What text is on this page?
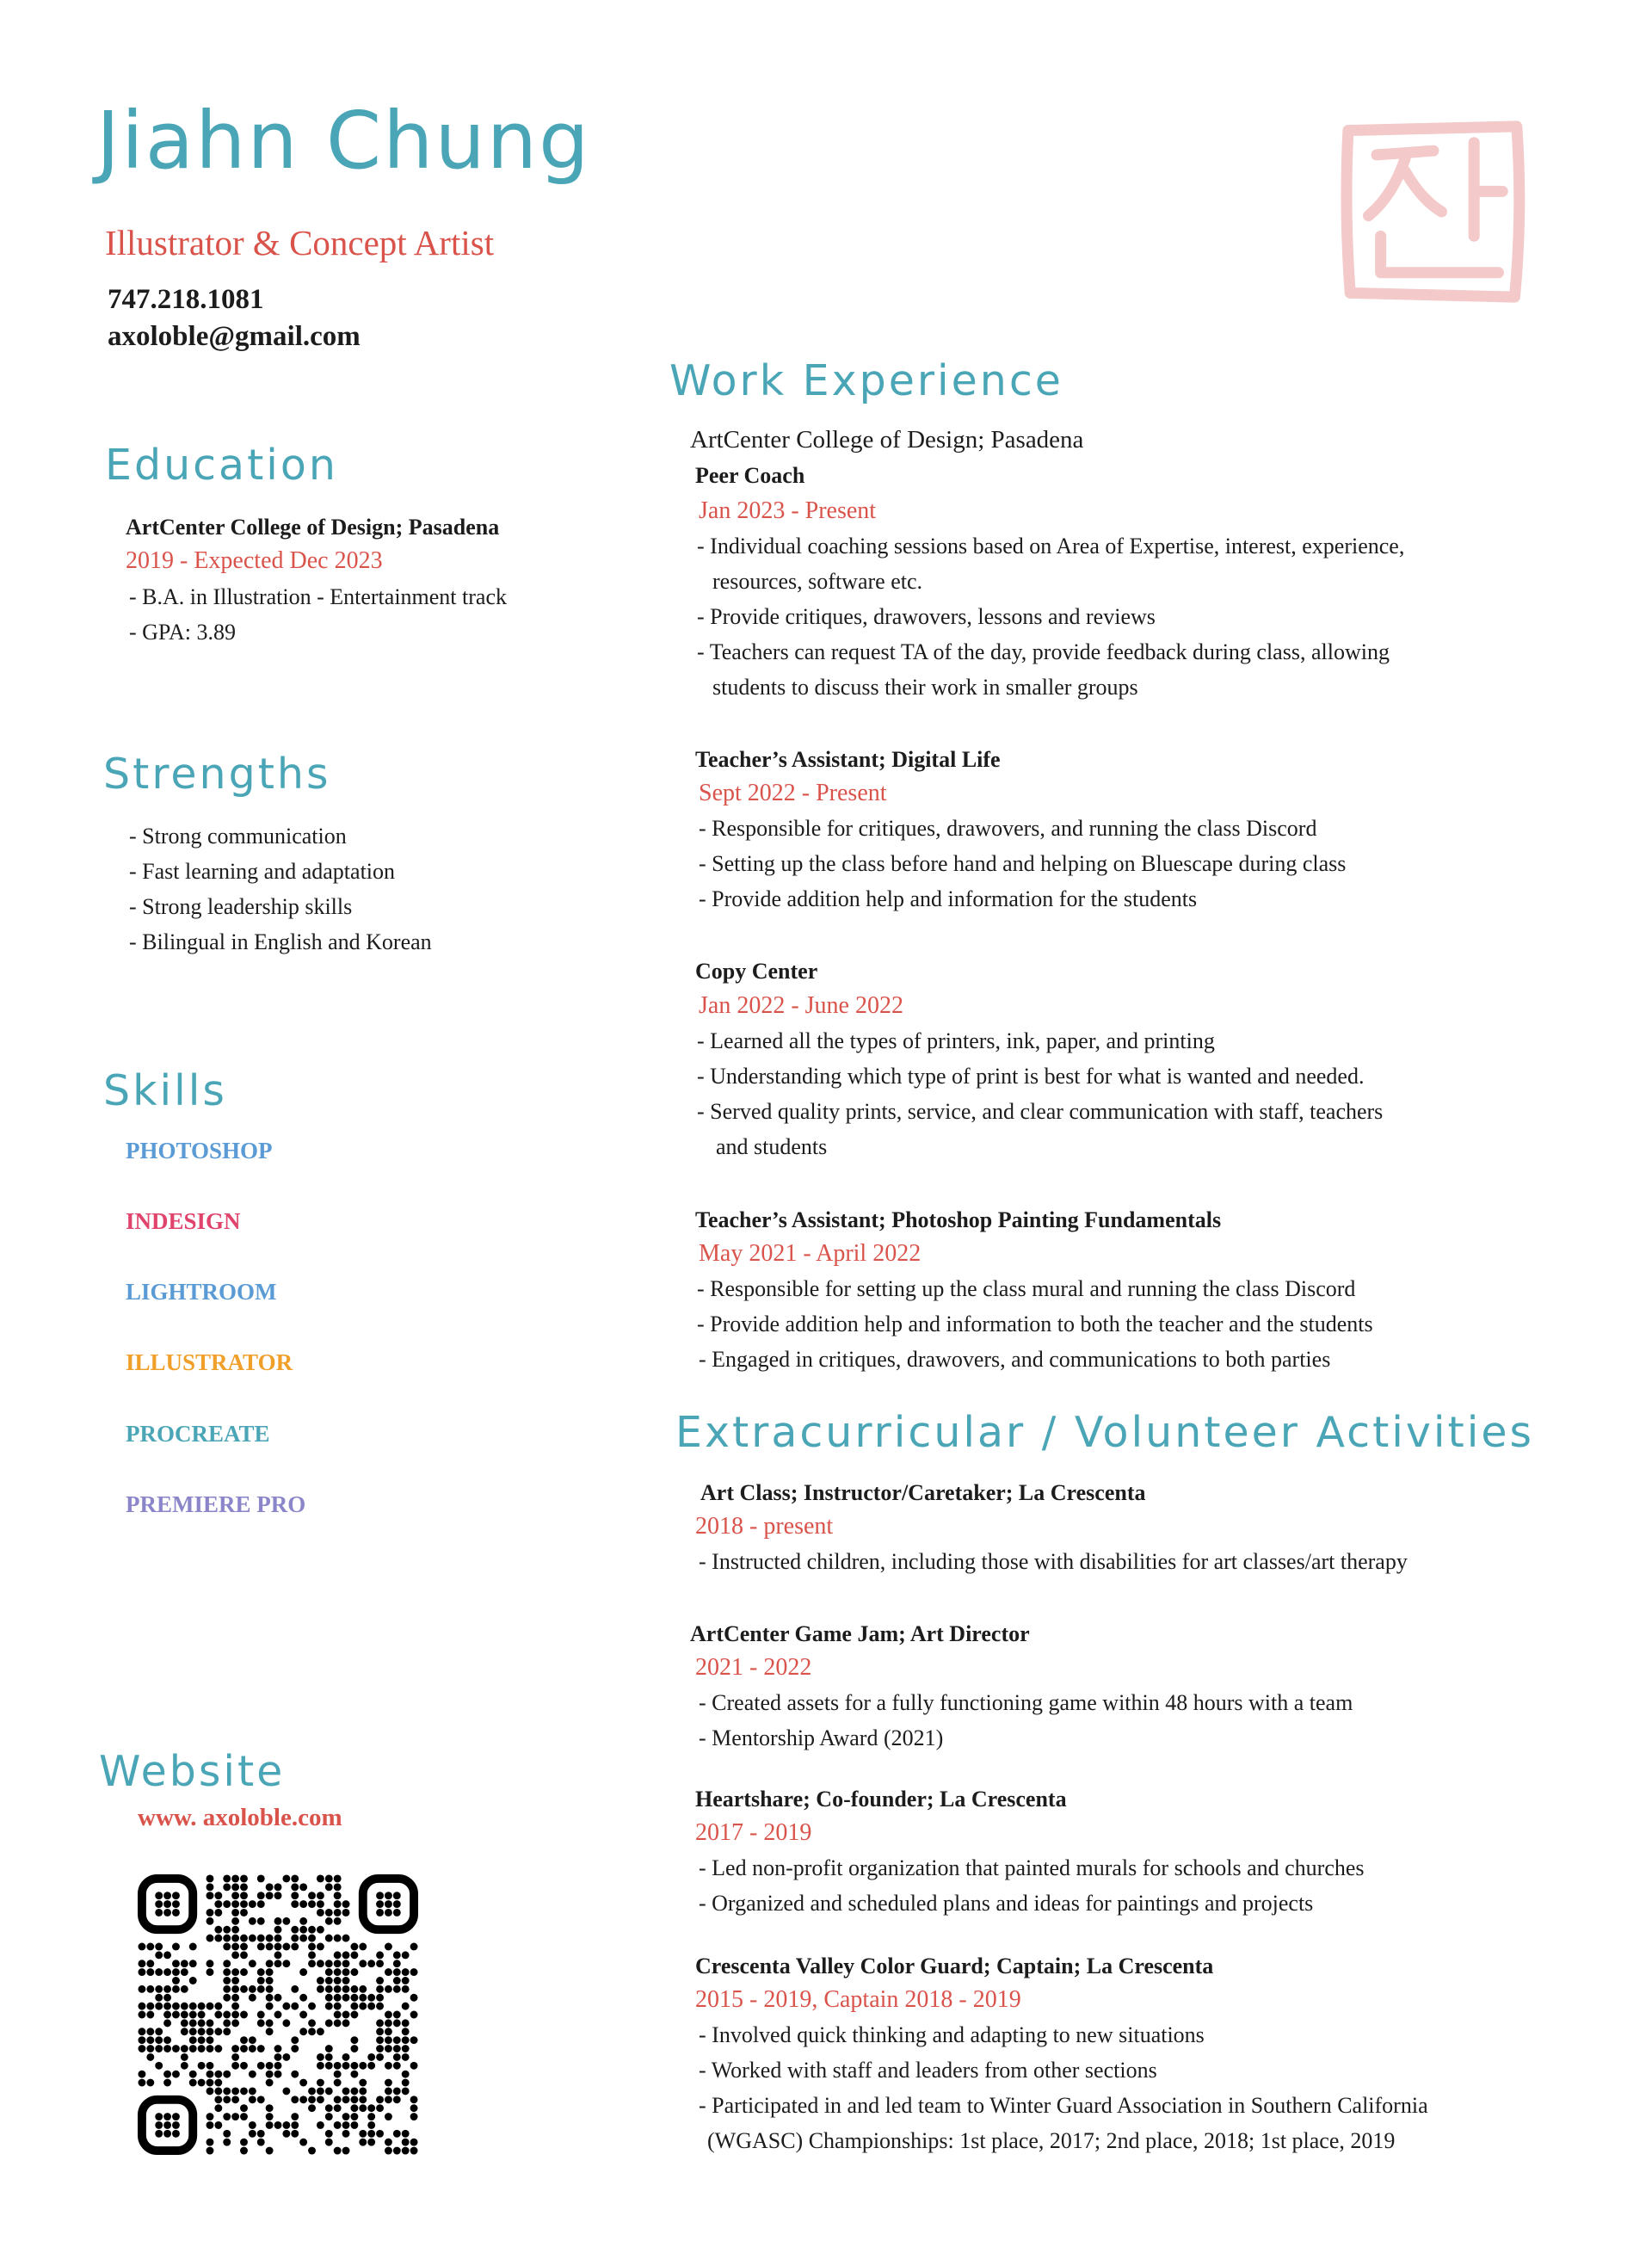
Jiahn Chung
Illustrator & Concept Artist
747.218.1081
axoloble@gmail.com
Education
ArtCenter College of Design; Pasadena
2019 - Expected Dec 2023
- B.A. in Illustration - Entertainment track
- GPA: 3.89
Strengths
- Strong communication
- Fast learning and adaptation
- Strong leadership skills
- Bilingual in English and Korean
Skills
PHOTOSHOP
INDESIGN
LIGHTROOM
ILLUSTRATOR
PROCREATE
PREMIERE PRO
Website
www. axoloble.com
Work Experience
ArtCenter College of Design; Pasadena
Peer Coach
Jan 2023 - Present
- Individual coaching sessions based on Area of Expertise, interest, experience,
resources, software etc.
- Provide critiques, drawovers, lessons and reviews
- Teachers can request TA of the day, provide feedback during class, allowing
students to discuss their work in smaller groups
Teacher’s Assistant; Digital Life
Sept 2022 - Present
- Responsible for critiques, drawovers, and running the class Discord
- Setting up the class before hand and helping on Bluescape during class
- Provide addition help and information for the students
Copy Center
Jan 2022 - June 2022
- Learned all the types of printers, ink, paper, and printing
- Understanding which type of print is best for what is wanted and needed.
- Served quality prints, service, and clear communication with staff, teachers
and students
Teacher’s Assistant; Photoshop Painting Fundamentals
May 2021 - April 2022
- Responsible for setting up the class mural and running the class Discord
- Provide addition help and information to both the teacher and the students
- Engaged in critiques, drawovers, and communications to both parties
Extracurricular / Volunteer Activities
Art Class; Instructor/Caretaker; La Crescenta
2018 - present
- Instructed children, including those with disabilities for art classes/art therapy
ArtCenter Game Jam; Art Director
2021 - 2022
- Created assets for a fully functioning game within 48 hours with a team
- Mentorship Award (2021)
Heartshare; Co-founder; La Crescenta
2017 - 2019
- Led non-profit organization that painted murals for schools and churches
- Organized and scheduled plans and ideas for paintings and projects
Crescenta Valley Color Guard; Captain; La Crescenta
2015 - 2019, Captain 2018 - 2019
- Involved quick thinking and adapting to new situations
- Worked with staff and leaders from other sections
- Participated in and led team to Winter Guard Association in Southern California
(WGASC) Championships: 1st place, 2017; 2nd place, 2018; 1st place, 2019
